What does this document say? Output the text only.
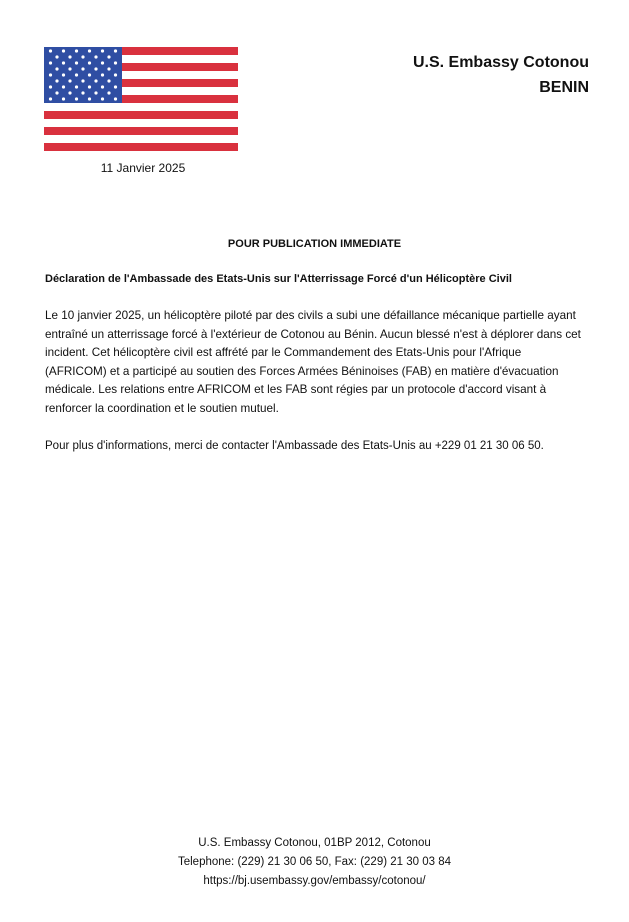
11 Janvier 2025
U.S. Embassy Cotonou
BENIN
POUR PUBLICATION IMMEDIATE
Déclaration de l'Ambassade des Etats-Unis sur l'Atterrissage Forcé d'un Hélicoptère Civil

Le 10 janvier 2025, un hélicoptère piloté par des civils a subi une défaillance mécanique partielle ayant entraîné un atterrissage forcé à l'extérieur de Cotonou au Bénin. Aucun blessé n'est à déplorer dans cet incident. Cet hélicoptère civil est affrété par le Commandement des Etats-Unis pour l'Afrique (AFRICOM) et a participé au soutien des Forces Armées Béninoises (FAB) en matière d'évacuation médicale. Les relations entre AFRICOM et les FAB sont régies par un protocole d'accord visant à renforcer la coordination et le soutien mutuel.

Pour plus d'informations, merci de contacter l'Ambassade des Etats-Unis au +229 01 21 30 06 50.

U.S. Embassy Cotonou, 01BP 2012, Cotonou
Telephone: (229) 21 30 06 50, Fax: (229) 21 30 03 84
https://bj.usembassy.gov/embassy/cotonou/
